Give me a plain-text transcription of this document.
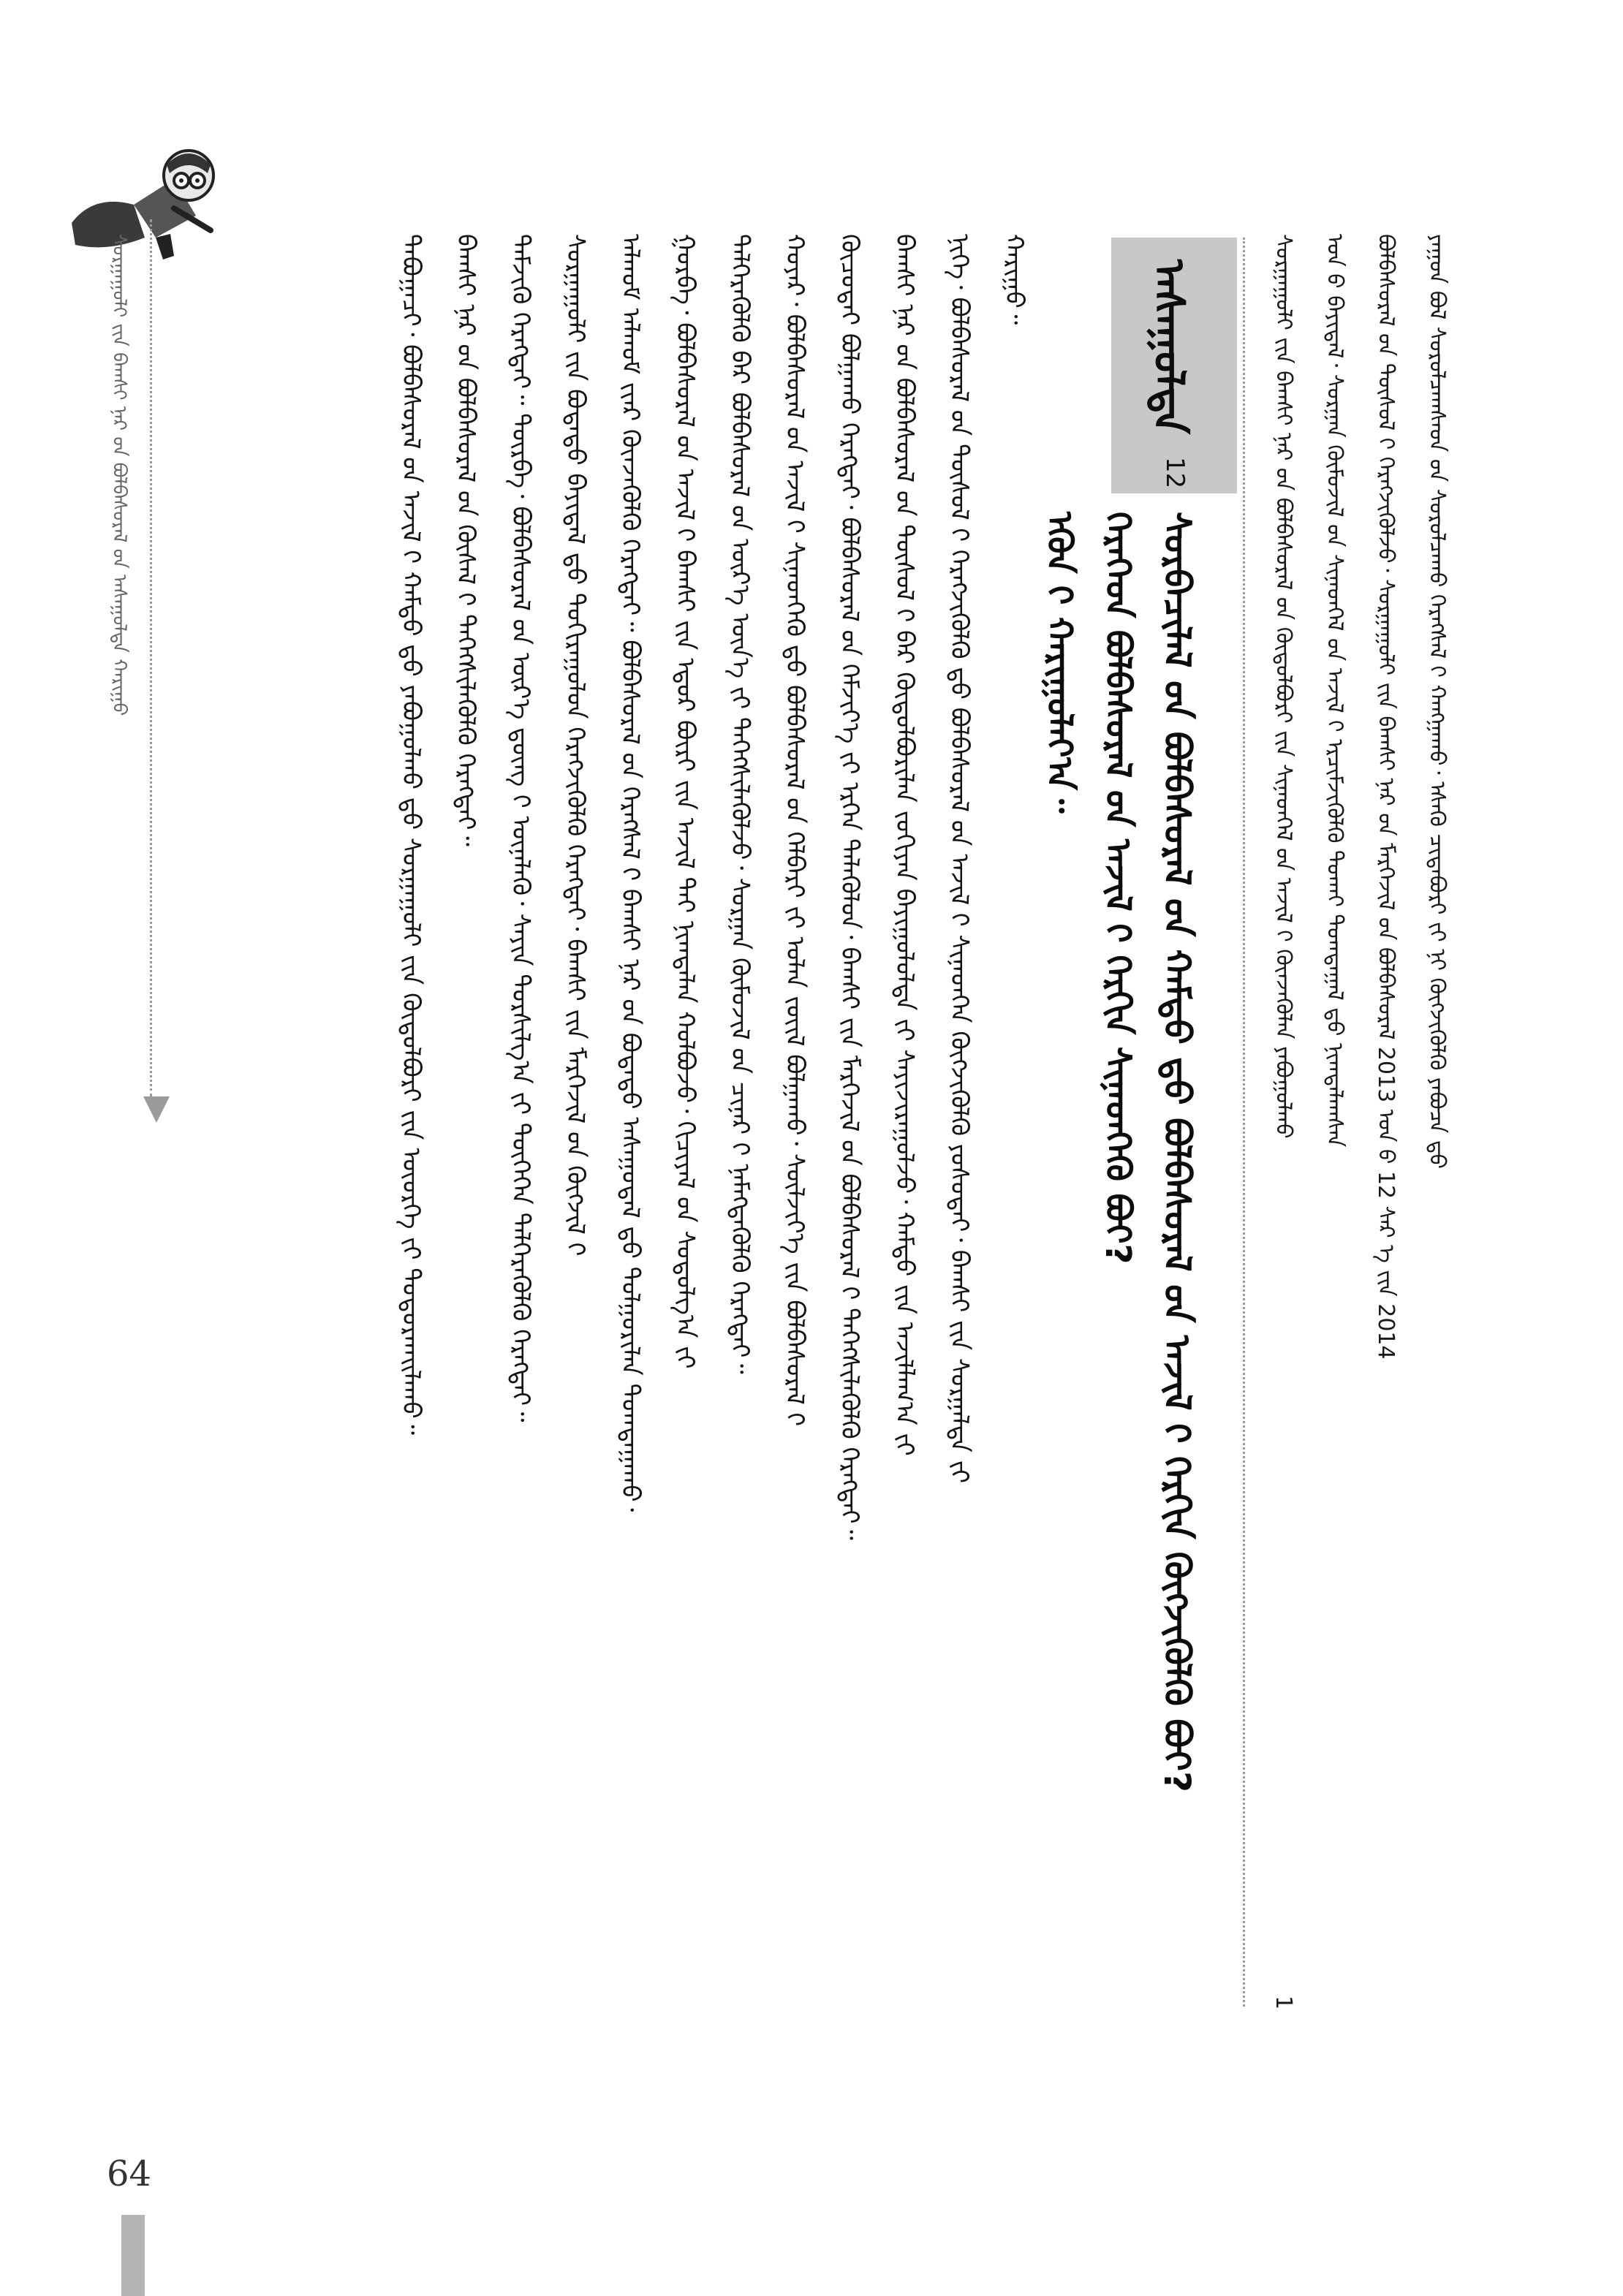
ᠶᠠᠭᠤᠨ ᠪᠣᠯ ᠰᠤᠷᠤᠯᠴᠠᠭᠰᠠᠳ ᠤ᠋ᠨ ᠰᠤᠷᠤᠯᠴᠠᠬᠤ ᠬᠡᠷᠡᠭᠰᠡᠯ ᠢ᠋ ᠬᠠᠩᠭᠠᠬᠤ᠂ ᠡᠰᠡᠬᠦ ᠴᠢᠳᠠᠪᠤᠷᠢ ᠶ᠋ᠢ ᠨᠢ ᠬᠥᠭᠵᠢᠭᠦᠯᠬᠦ ᠶᠠᠪᠤᠴᠠ ᠳ᠋ᠤ
ᠪᠣᠯᠪᠠᠰᠤᠷᠠᠯ ᠤ᠋ᠨ ᠲᠥᠰᠥᠯ ᠢ᠋ ᠬᠡᠷᠡᠭᠵᠢᠭᠦᠯᠵᠦ᠂ ᠰᠤᠷᠭᠠᠭᠤᠯᠢ ᠶ᠋ᠢᠨ ᠪᠠᠭᠰᠢ ᠨᠠᠷ ᠤ᠋ᠨ ᠮᠡᠷᠭᠡᠵᠢᠯ ᠦ᠋ᠨ ᠪᠣᠯᠪᠠᠰᠤᠷᠠᠯ 2013 ᠣᠨ ᠤ᠋ 12 ᠰᠠᠷ ᠠ᠋ ᠶ᠋ᠢᠨ 2014
ᠣᠨ ᠤ᠋ ᠪᠠᠶᠢᠳᠠᠯ᠂ ᠰᠤᠷᠭᠠᠨ ᠬᠦᠮᠦᠵᠢᠯ ᠦ᠋ᠨ ᠰᠢᠨᠡᠳᠭᠡᠯ ᠦ᠋ᠨ ᠠᠵᠢᠯ ᠢ᠋ ᠡᠷᠴᠢᠮᠵᠢᠭᠦᠯᠬᠦ ᠲᠤᠬᠠᠢ ᠲᠣᠭᠲᠠᠭᠠᠯ ᠳ᠋ᠤ ᠨᠢᠭᠲᠠᠯᠠᠭᠰᠠᠨ
ᠰᠤᠷᠭᠠᠭᠤᠯᠢ ᠶ᠋ᠢᠨ ᠪᠠᠭᠰᠢ ᠨᠠᠷ ᠤ᠋ᠨ ᠪᠣᠯᠪᠠᠰᠤᠷᠠᠯ ᠤ᠋ᠨ ᠬᠥᠲᠥᠯᠪᠦᠷᠢ ᠶ᠋ᠢᠨ ᠰᠢᠨᠡᠳᠭᠡᠯ ᠦ᠋ᠨ ᠠᠵᠢᠯ ᠢ᠋ ᠭᠦᠨᠵᠡᠭᠦᠯᠡᠨ ᠶᠠᠪᠤᠭᠤᠯᠬᠤ
1
ᠠᠰᠠᠭᠤᠯᠲᠠ
12
ᠰᠣᠷᠪᠠᠴᠢᠯᠠᠯ ᠤ᠋ᠨ ᠪᠣᠯᠪᠠᠰᠤᠷᠠᠯ ᠤ᠋ᠨ ᠬᠠᠮᠲᠤ ᠳ᠋ᠤ ᠪᠣᠯᠪᠠᠰᠤᠷᠠᠯ ᠤ᠋ᠨ ᠠᠵᠢᠯ ᠢ᠋ ᠬᠡᠷᠬᠢᠨ ᠬᠥᠭᠵᠢᠭᠦᠯᠬᠦ ᠪᠤᠢ?
ᠬᠡᠷᠡᠭᠡᠳ ᠪᠣᠯᠪᠠᠰᠤᠷᠠᠯ ᠤ᠋ᠨ ᠠᠵᠢᠯ ᠢ᠋ ᠬᠡᠷᠬᠢᠨ ᠰᠢᠨᠡᠳᠬᠡᠬᠦ ᠪᠤᠢ?
ᠡᠭᠦᠨ ᠢ᠋ ᠬᠠᠷᠢᠭᠤᠯᠠᠶ᠎ᠠ᠃
ᠬᠠᠷᠢᠭᠤ᠃
ᠨᠢᠭᠡ᠂ ᠪᠣᠯᠪᠠᠰᠤᠷᠠᠯ ᠤ᠋ᠨ ᠲᠥᠰᠥᠯ ᠢ᠋ ᠬᠡᠷᠡᠭᠵᠢᠭᠦᠯᠬᠦ ᠳ᠋ᠤ ᠪᠣᠯᠪᠠᠰᠤᠷᠠᠯ ᠤ᠋ᠨ ᠠᠵᠢᠯ ᠢ᠋ ᠰᠢᠨᠡᠳᠬᠡᠨ ᠬᠥᠭᠵᠢᠭᠦᠯᠬᠦ ᠶᠣᠰᠣᠲᠠᠢ᠂ ᠪᠠᠭᠰᠢ ᠶ᠋ᠢᠨ ᠰᠤᠷᠭᠠᠯᠲᠠ ᠶ᠋ᠢ
ᠪᠠᠭᠰᠢ ᠨᠠᠷ ᠤ᠋ᠨ ᠪᠣᠯᠪᠠᠰᠤᠷᠠᠯ ᠤ᠋ᠨ ᠲᠥᠰᠥᠯ ᠢ᠋ ᠪᠠᠷ ᠬᠥᠲᠦᠯᠪᠦᠷᠢᠯᠡᠨ ᠵᠣᠬᠢᠶᠠᠨ ᠪᠠᠶᠢᠭᠤᠯᠤᠯᠲᠠ ᠶ᠋ᠢ ᠰᠠᠶᠢᠵᠢᠷᠠᠭᠤᠯᠵᠤ᠂ ᠬᠠᠮᠲᠤ ᠶ᠋ᠢᠨ ᠠᠵᠢᠯᠯᠠᠭ᠎ᠠ ᠶ᠋ᠢ
ᠬᠦᠴᠦᠲᠡᠢ ᠪᠣᠯᠭᠠᠬᠤ ᠬᠡᠷᠡᠭᠲᠡᠢ᠂ ᠪᠣᠯᠪᠠᠰᠤᠷᠠᠯ ᠤ᠋ᠨ ᠬᠡᠮᠵᠢᠶ᠎ᠡ ᠶ᠋ᠢ ᠡᠷᠭᠡᠨ ᠲᠡᠯᠡᠭᠦᠯᠦᠨ᠂ ᠪᠠᠭᠰᠢ ᠶ᠋ᠢᠨ ᠮᠡᠷᠭᠡᠵᠢᠯ ᠦ᠋ᠨ ᠪᠣᠯᠪᠠᠰᠤᠷᠠᠯ ᠢ᠋ ᠳᠡᠭᠡᠭᠰᠢᠯᠡᠭᠦᠯᠬᠦ ᠬᠡᠷᠡᠭᠲᠡᠢ᠃
ᠬᠣᠶᠠᠷ᠂ ᠪᠣᠯᠪᠠᠰᠤᠷᠠᠯ ᠤ᠋ᠨ ᠠᠵᠢᠯ ᠢ᠋ ᠰᠢᠨᠡᠳᠬᠡᠬᠦ ᠳ᠋ᠤ ᠪᠣᠯᠪᠠᠰᠤᠷᠠᠯ ᠤ᠋ᠨ ᠬᠡᠯᠪᠡᠷᠢ ᠶ᠋ᠢ ᠣᠯᠠᠨ ᠵᠦᠢᠯ ᠪᠣᠯᠭᠠᠬᠤ᠂ ᠰᠦᠯᠵᠢᠶ᠎ᠡ ᠶ᠋ᠢᠨ ᠪᠣᠯᠪᠠᠰᠤᠷᠠᠯ ᠢ᠋
ᠳᠡᠯᠭᠡᠷᠡᠭᠦᠯᠬᠦ ᠪᠡᠷ ᠪᠣᠯᠪᠠᠰᠤᠷᠠᠯ ᠤ᠋ᠨ ᠦᠷ᠎ᠡ ᠦᠨ᠎ᠡ ᠶ᠋ᠢ ᠳᠡᠭᠡᠭᠰᠢᠯᠡᠭᠦᠯᠵᠦ᠂ ᠰᠤᠷᠭᠠᠨ ᠬᠦᠮᠦᠵᠢᠯ ᠦ᠋ᠨ ᠴᠢᠨᠠᠷ ᠢ᠋ ᠨᠡᠮᠡᠭᠳᠡᠭᠦᠯᠬᠦ ᠬᠡᠷᠡᠭᠲᠡᠢ᠃
ᠭᠤᠷᠪᠠ᠂ ᠪᠣᠯᠪᠠᠰᠤᠷᠠᠯ ᠤ᠋ᠨ ᠠᠵᠢᠯ ᠢ᠋ ᠪᠠᠭᠰᠢ ᠶ᠋ᠢᠨ ᠡᠳᠦᠷ ᠪᠦᠷᠢ ᠶ᠋ᠢᠨ ᠠᠵᠢᠯ ᠲᠠᠢ ᠨᠢᠭᠲᠠᠯᠠᠨ ᠬᠣᠯᠪᠣᠵᠤ᠂ ᠬᠢᠴᠢᠶᠡᠯ ᠦ᠋ᠨ ᠰᠤᠳᠤᠯᠭ᠎ᠠ ᠶ᠋ᠢ
ᠠᠯᠬᠤᠮ ᠠᠯᠬᠤᠮ ᠢ᠋ᠶ᠋ᠡᠷ ᠭᠦᠨᠵᠡᠭᠦᠯᠬᠦ ᠬᠡᠷᠡᠭᠲᠡᠢ᠃ ᠪᠣᠯᠪᠠᠰᠤᠷᠠᠯ ᠤ᠋ᠨ ᠬᠡᠷᠡᠭᠰᠡᠯ ᠢ᠋ ᠪᠠᠭᠰᠢ ᠨᠠᠷ ᠤ᠋ᠨ ᠪᠣᠳᠠᠲᠤ ᠠᠰᠠᠭᠤᠳᠠᠯ ᠳ᠋ᠤ ᠲᠤᠯᠭᠤᠷᠢᠯᠠᠨ ᠲᠣᠭᠲᠠᠭᠠᠬᠤ᠂
ᠰᠤᠷᠭᠠᠭᠤᠯᠢ ᠶ᠋ᠢᠨ ᠪᠣᠳᠠᠲᠤ ᠪᠠᠶᠢᠳᠠᠯ ᠳ᠋ᠤ ᠲᠣᠬᠢᠷᠠᠭᠤᠯᠤᠨ ᠬᠡᠷᠡᠭᠵᠢᠭᠦᠯᠬᠦ ᠬᠡᠷᠡᠭᠲᠡᠢ᠂ ᠪᠠᠭᠰᠢ ᠶ᠋ᠢᠨ ᠮᠡᠷᠭᠡᠵᠢᠯ ᠦ᠋ᠨ ᠬᠥᠭᠵᠢᠯ ᠢ᠋
ᠳᠡᠮᠵᠢᠬᠦ ᠬᠡᠷᠡᠭᠲᠡᠢ᠃ ᠳᠥᠷᠪᠡ᠂ ᠪᠣᠯᠪᠠᠰᠤᠷᠠᠯ ᠤ᠋ᠨ ᠦᠷ᠎ᠡ ᠳ᠋ᠦᠩ ᠢ᠋ ᠦᠨᠡᠯᠡᠬᠦ᠂ ᠰᠠᠶᠢᠨ ᠲᠤᠷᠰᠢᠯᠭ᠎ᠠ ᠶ᠋ᠢ ᠲᠦᠭᠡᠭᠡᠨ ᠳᠡᠯᠭᠡᠷᠡᠭᠦᠯᠬᠦ ᠬᠡᠷᠡᠭᠲᠡᠢ᠃
ᠪᠠᠭᠰᠢ ᠨᠠᠷ ᠤ᠋ᠨ ᠪᠣᠯᠪᠠᠰᠤᠷᠠᠯ ᠤ᠋ᠨ ᠬᠦᠰᠡᠯ ᠢ᠋ ᠳᠡᠭᠡᠭᠰᠢᠯᠡᠭᠦᠯᠬᠦ ᠬᠡᠷᠡᠭᠲᠡᠢ᠃
ᠳᠠᠪᠤᠭᠠᠴᠢ᠂ ᠪᠣᠯᠪᠠᠰᠤᠷᠠᠯ ᠤ᠋ᠨ ᠠᠵᠢᠯ ᠢ᠋ ᠬᠠᠮᠲᠤ ᠳ᠋ᠤ ᠶᠠᠪᠤᠭᠤᠯᠬᠤ ᠳ᠋ᠤ ᠰᠤᠷᠭᠠᠭᠤᠯᠢ ᠶ᠋ᠢᠨ ᠬᠥᠲᠥᠯᠪᠦᠷᠢ ᠶ᠋ᠢᠨ ᠦᠦᠷᠭᠡ ᠶ᠋ᠢ ᠲᠣᠳᠤᠷᠬᠠᠢᠯᠠᠬᠤ᠃
ᠰᠤᠷᠭᠠᠭᠤᠯᠢ ᠶ᠋ᠢᠨ ᠪᠠᠭᠰᠢ ᠨᠠᠷ ᠤ᠋ᠨ ᠪᠣᠯᠪᠠᠰᠤᠷᠠᠯ ᠤ᠋ᠨ ᠠᠰᠠᠭᠤᠯᠲᠠ ᠬᠠᠷᠢᠭᠤ
64
